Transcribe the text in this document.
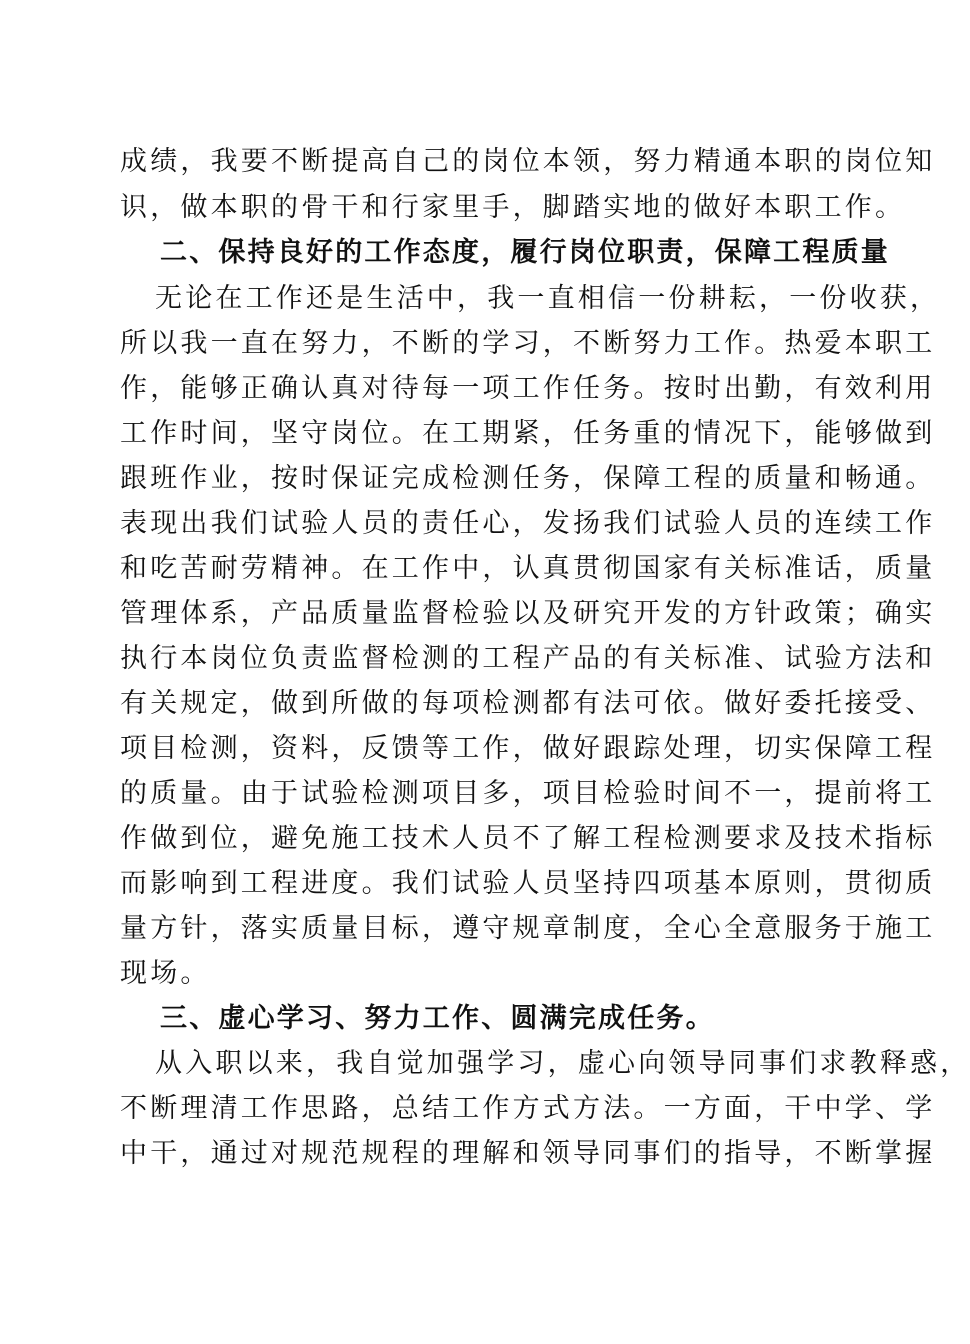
成绩，我要不断提高自己的岗位本领，努力精通本职的岗位知
识，做本职的骨干和行家里手，脚踏实地的做好本职工作。
二、保持良好的工作态度，履行岗位职责，保障工程质量
无论在工作还是生活中，我一直相信一份耕耘，一份收获，
所以我一直在努力，不断的学习，不断努力工作。热爱本职工
作，能够正确认真对待每一项工作任务。按时出勤，有效利用
工作时间，坚守岗位。在工期紧，任务重的情况下，能够做到
跟班作业，按时保证完成检测任务，保障工程的质量和畅通。
表现出我们试验人员的责任心，发扬我们试验人员的连续工作
和吃苦耐劳精神。在工作中，认真贯彻国家有关标准话，质量
管理体系，产品质量监督检验以及研究开发的方针政策；确实
执行本岗位负责监督检测的工程产品的有关标准、试验方法和
有关规定，做到所做的每项检测都有法可依。做好委托接受、
项目检测，资料，反馈等工作，做好跟踪处理，切实保障工程
的质量。由于试验检测项目多，项目检验时间不一，提前将工
作做到位，避免施工技术人员不了解工程检测要求及技术指标
而影响到工程进度。我们试验人员坚持四项基本原则，贯彻质
量方针，落实质量目标，遵守规章制度，全心全意服务于施工
现场。
三、虚心学习、努力工作、圆满完成任务。
从入职以来，我自觉加强学习，虚心向领导同事们求教释惑，
不断理清工作思路，总结工作方式方法。一方面，干中学、学
中干，通过对规范规程的理解和领导同事们的指导，不断掌握
